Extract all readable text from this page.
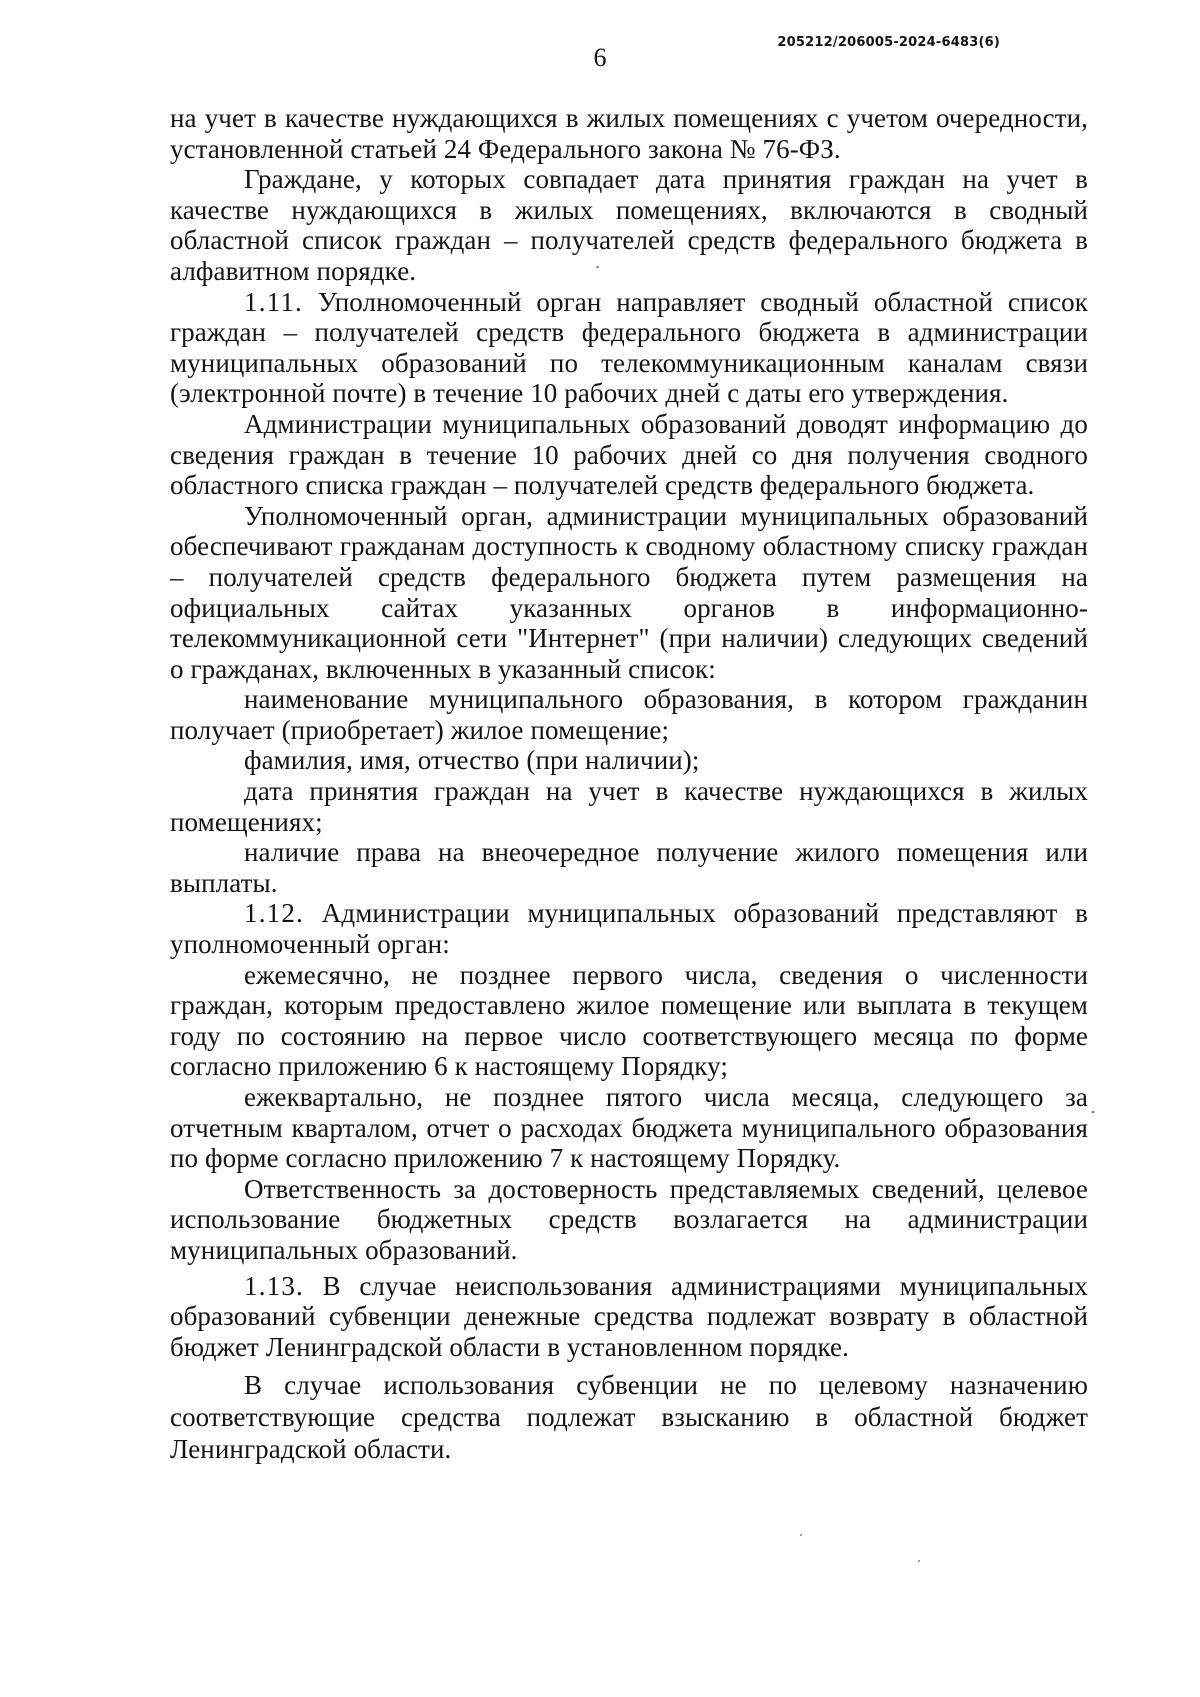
6
205212/206005-2024-6483(6)

на учет в качестве нуждающихся в жилых помещениях с учетом очередности, установленной статьей 24 Федерального закона № 76-ФЗ.

Граждане, у которых совпадает дата принятия граждан на учет в качестве нуждающихся в жилых помещениях, включаются в сводный областной список граждан – получателей средств федерального бюджета в алфавитном порядке.

1.11. Уполномоченный орган направляет сводный областной список граждан – получателей средств федерального бюджета в администрации муниципальных образований по телекоммуникационным каналам связи (электронной почте) в течение 10 рабочих дней с даты его утверждения.

Администрации муниципальных образований доводят информацию до сведения граждан в течение 10 рабочих дней со дня получения сводного областного списка граждан – получателей средств федерального бюджета.

Уполномоченный орган, администрации муниципальных образований обеспечивают гражданам доступность к сводному областному списку граждан – получателей средств федерального бюджета путем размещения на официальных сайтах указанных органов в информационно-телекоммуникационной сети "Интернет" (при наличии) следующих сведений о гражданах, включенных в указанный список:

наименование муниципального образования, в котором гражданин получает (приобретает) жилое помещение;

фамилия, имя, отчество (при наличии);

дата принятия граждан на учет в качестве нуждающихся в жилых помещениях;

наличие права на внеочередное получение жилого помещения или выплаты.

1.12. Администрации муниципальных образований представляют в уполномоченный орган:

ежемесячно, не позднее первого числа, сведения о численности граждан, которым предоставлено жилое помещение или выплата в текущем году по состоянию на первое число соответствующего месяца по форме согласно приложению 6 к настоящему Порядку;

ежеквартально, не позднее пятого числа месяца, следующего за отчетным кварталом, отчет о расходах бюджета муниципального образования по форме согласно приложению 7 к настоящему Порядку.

Ответственность за достоверность представляемых сведений, целевое использование бюджетных средств возлагается на администрации муниципальных образований.

1.13. В случае неиспользования администрациями муниципальных образований субвенции денежные средства подлежат возврату в областной бюджет Ленинградской области в установленном порядке.

В случае использования субвенции не по целевому назначению соответствующие средства подлежат взысканию в областной бюджет Ленинградской области.
